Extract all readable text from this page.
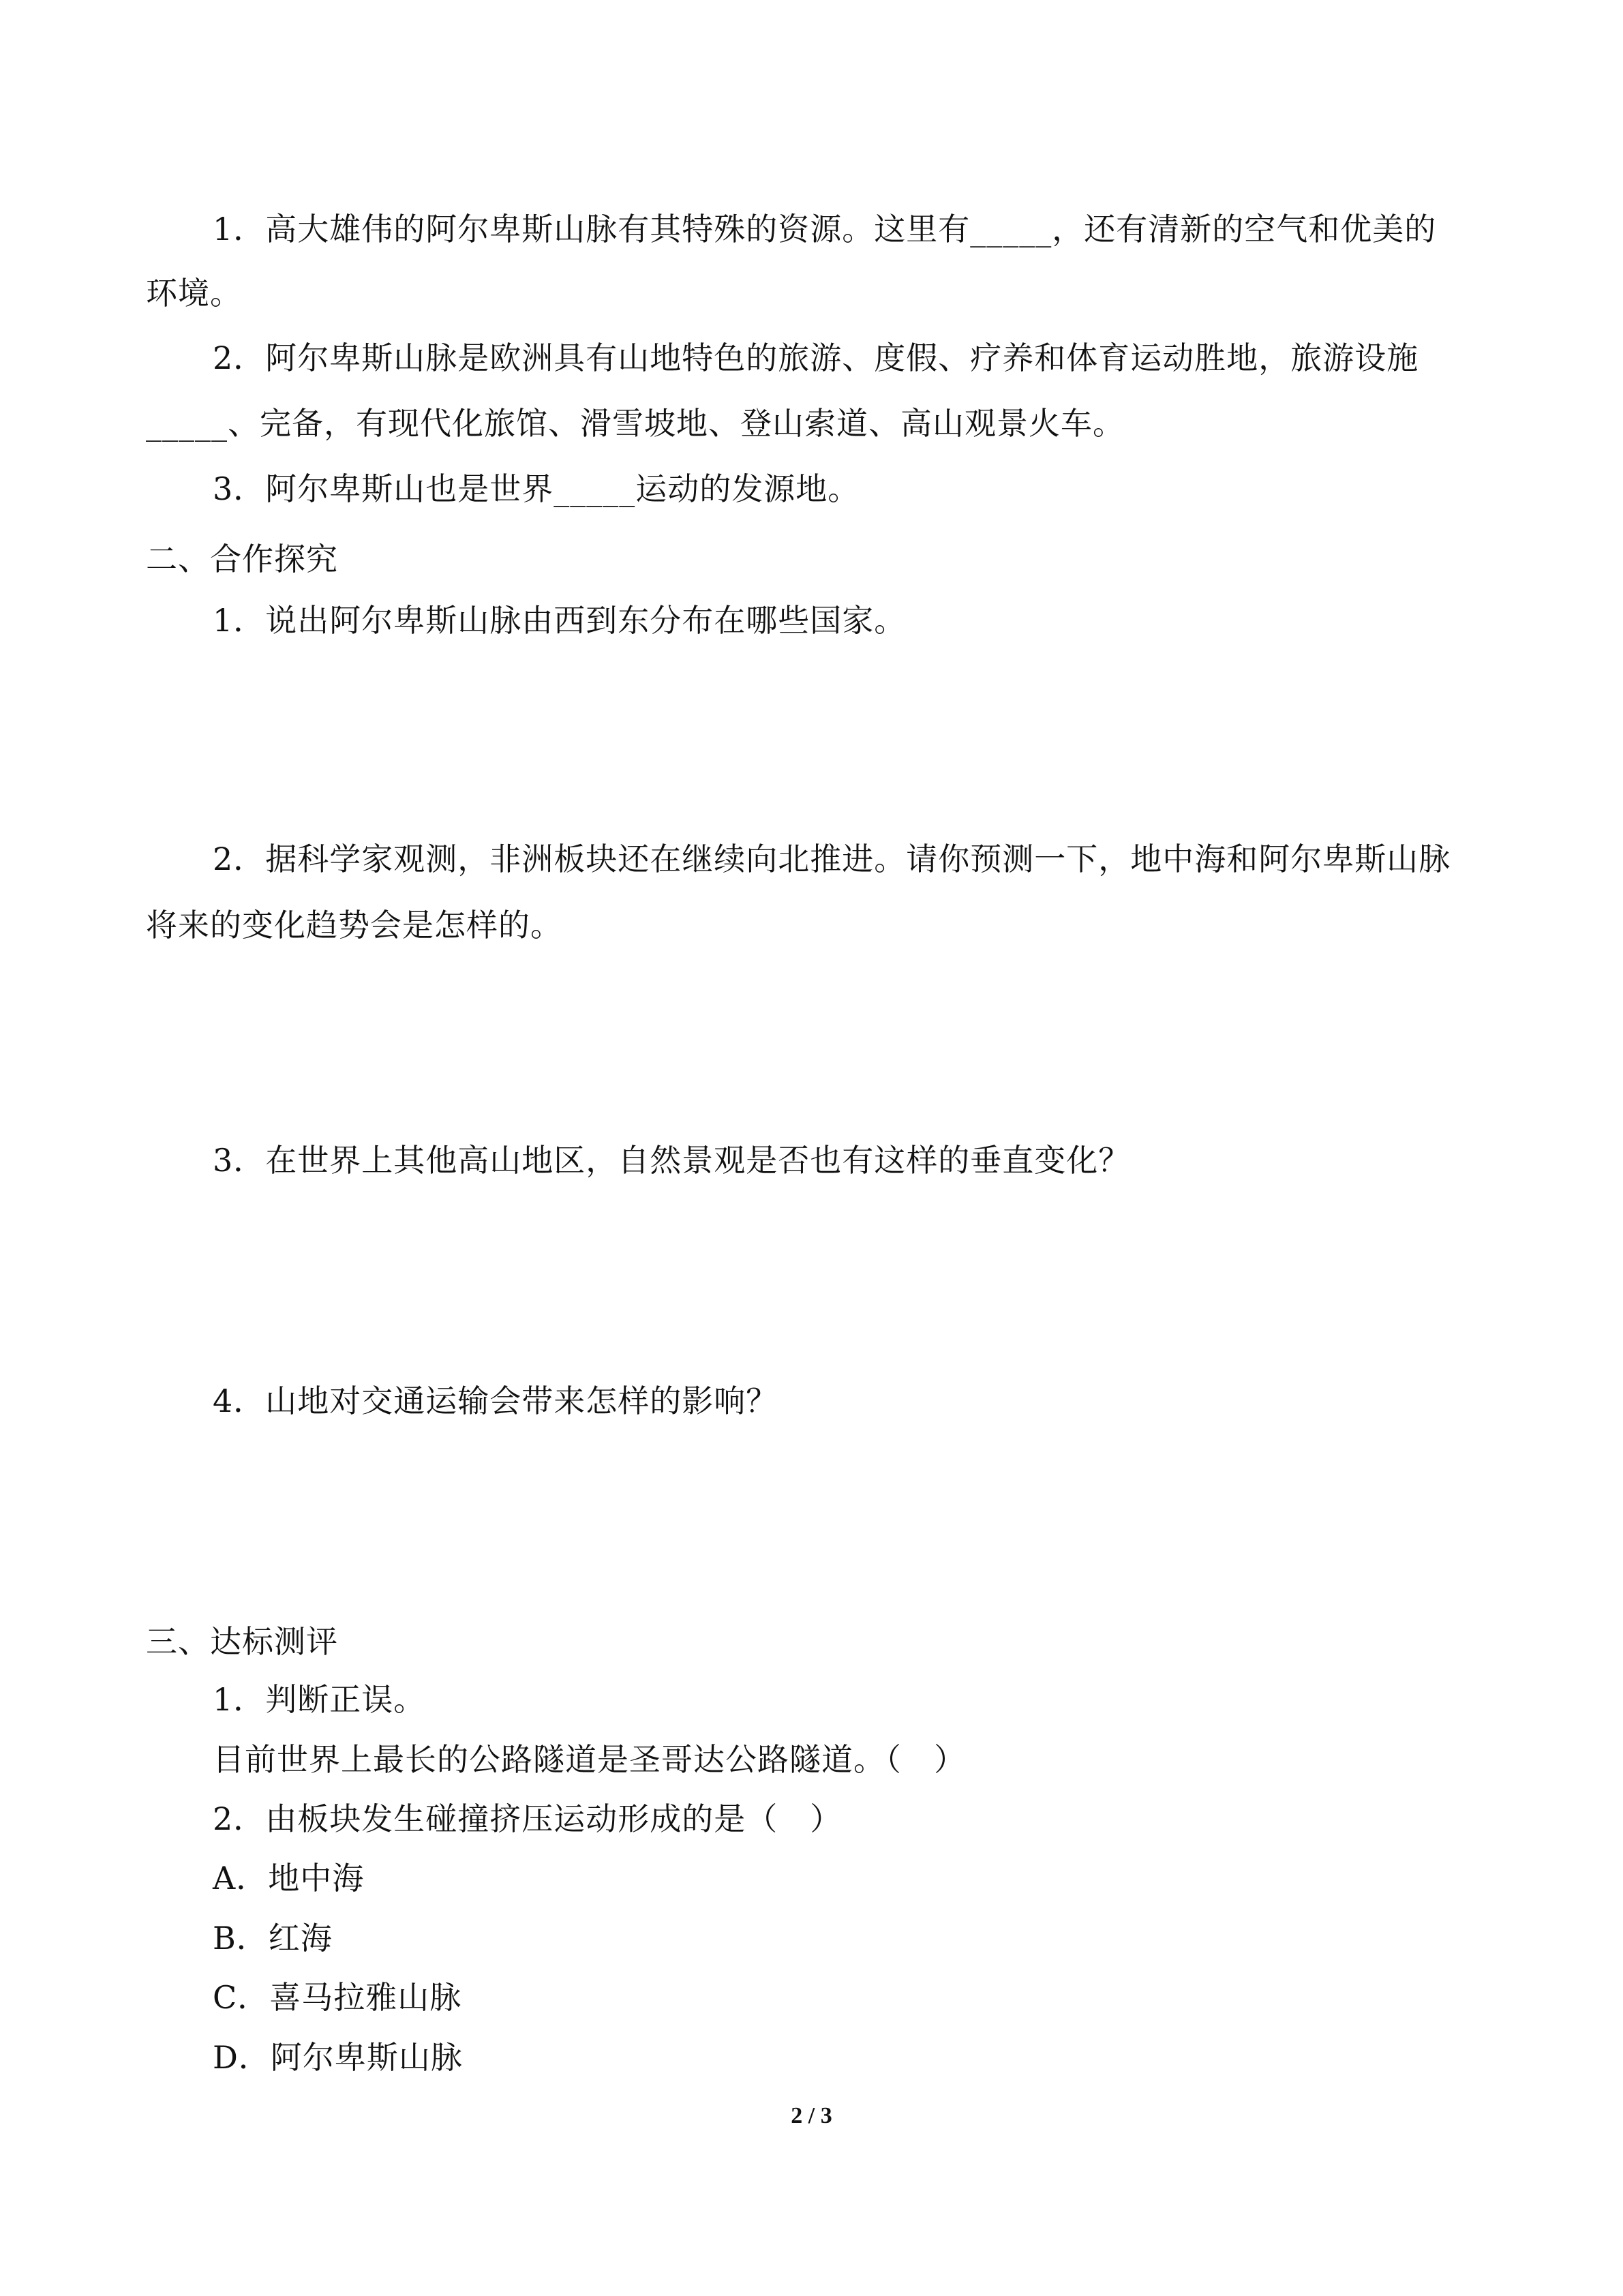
1．高大雄伟的阿尔卑斯山脉有其特殊的资源。这里有_____，还有清新的空气和优美的
环境。
2．阿尔卑斯山脉是欧洲具有山地特色的旅游、度假、疗养和体育运动胜地，旅游设施
_____、完备，有现代化旅馆、滑雪坡地、登山索道、高山观景火车。
3．阿尔卑斯山也是世界_____运动的发源地。
二、合作探究
1．说出阿尔卑斯山脉由西到东分布在哪些国家。
2．据科学家观测，非洲板块还在继续向北推进。请你预测一下，地中海和阿尔卑斯山脉
将来的变化趋势会是怎样的。
3．在世界上其他高山地区，自然景观是否也有这样的垂直变化？
4．山地对交通运输会带来怎样的影响？
三、达标测评
1．判断正误。
目前世界上最长的公路隧道是圣哥达公路隧道。（　）
2．由板块发生碰撞挤压运动形成的是（　）
A．地中海
B．红海
C．喜马拉雅山脉
D．阿尔卑斯山脉
2 / 3
